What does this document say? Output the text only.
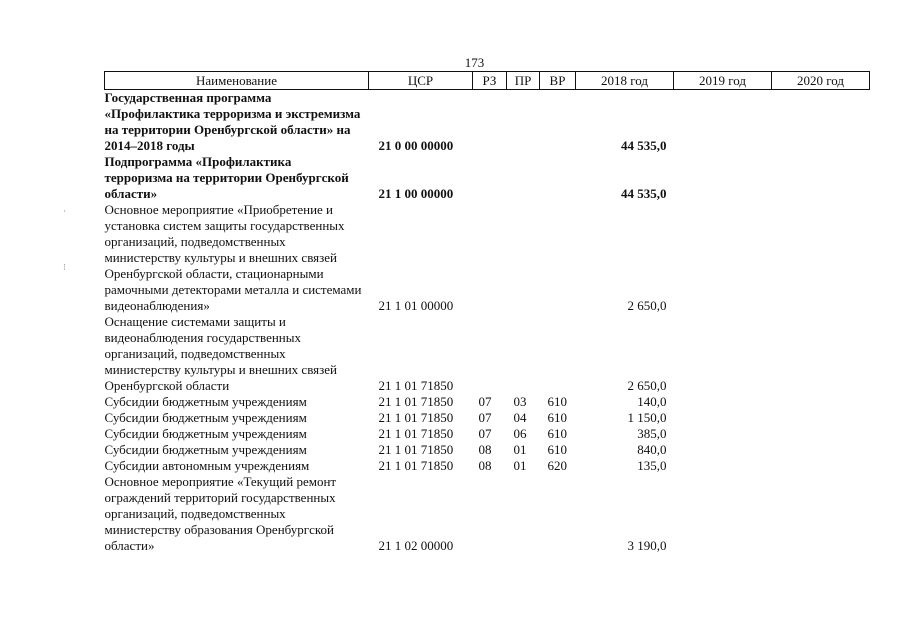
173
·
⁝
Наименование	ЦСР	РЗ	ПР	ВР	2018 год	2019 год	2020 год
Государственная программа «Профилактика терроризма и экстремизма на территории Оренбургской области» на 2014–2018 годы	21 0 00 00000				44 535,0		
Подпрограмма «Профилактика терроризма на территории Оренбургской области»	21 1 00 00000				44 535,0		
Основное мероприятие «Приобретение и установка систем защиты государственных организаций, подведомственных министерству культуры и внешних связей Оренбургской области, стационарными рамочными детекторами металла и системами видеонаблюдения»	21 1 01 00000				2 650,0		
Оснащение системами защиты и видеонаблюдения государственных организаций, подведомственных министерству культуры и внешних связей Оренбургской области	21 1 01 71850				2 650,0		
Субсидии бюджетным учреждениям	21 1 01 71850	07	03	610	140,0		
Субсидии бюджетным учреждениям	21 1 01 71850	07	04	610	1 150,0		
Субсидии бюджетным учреждениям	21 1 01 71850	07	06	610	385,0		
Субсидии бюджетным учреждениям	21 1 01 71850	08	01	610	840,0		
Субсидии автономным учреждениям	21 1 01 71850	08	01	620	135,0		
Основное мероприятие «Текущий ремонт ограждений территорий государственных организаций, подведомственных министерству образования Оренбургской области»	21 1 02 00000				3 190,0		
